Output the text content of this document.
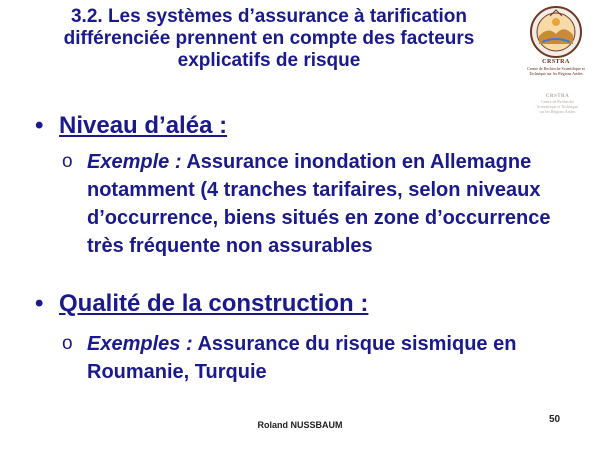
3.2. Les systèmes d’assurance à tarification différenciée prennent en compte des facteurs explicatifs de risque	CRSTRA
Centre de Recherche Scientifique et Technique sur les Régions Arides
CRSTRA
Centre de Recherche Scientifique et Technique sur les Régions Arides
• Niveau d’aléa :
o Exemple : Assurance inondation en Allemagne notamment (4 tranches tarifaires, selon niveaux d’occurrence, biens situés en zone d’occurrence très fréquente non assurables
• Qualité de la construction :
o Exemples : Assurance du risque sismique en Roumanie, Turquie
Roland NUSSBAUM	50
